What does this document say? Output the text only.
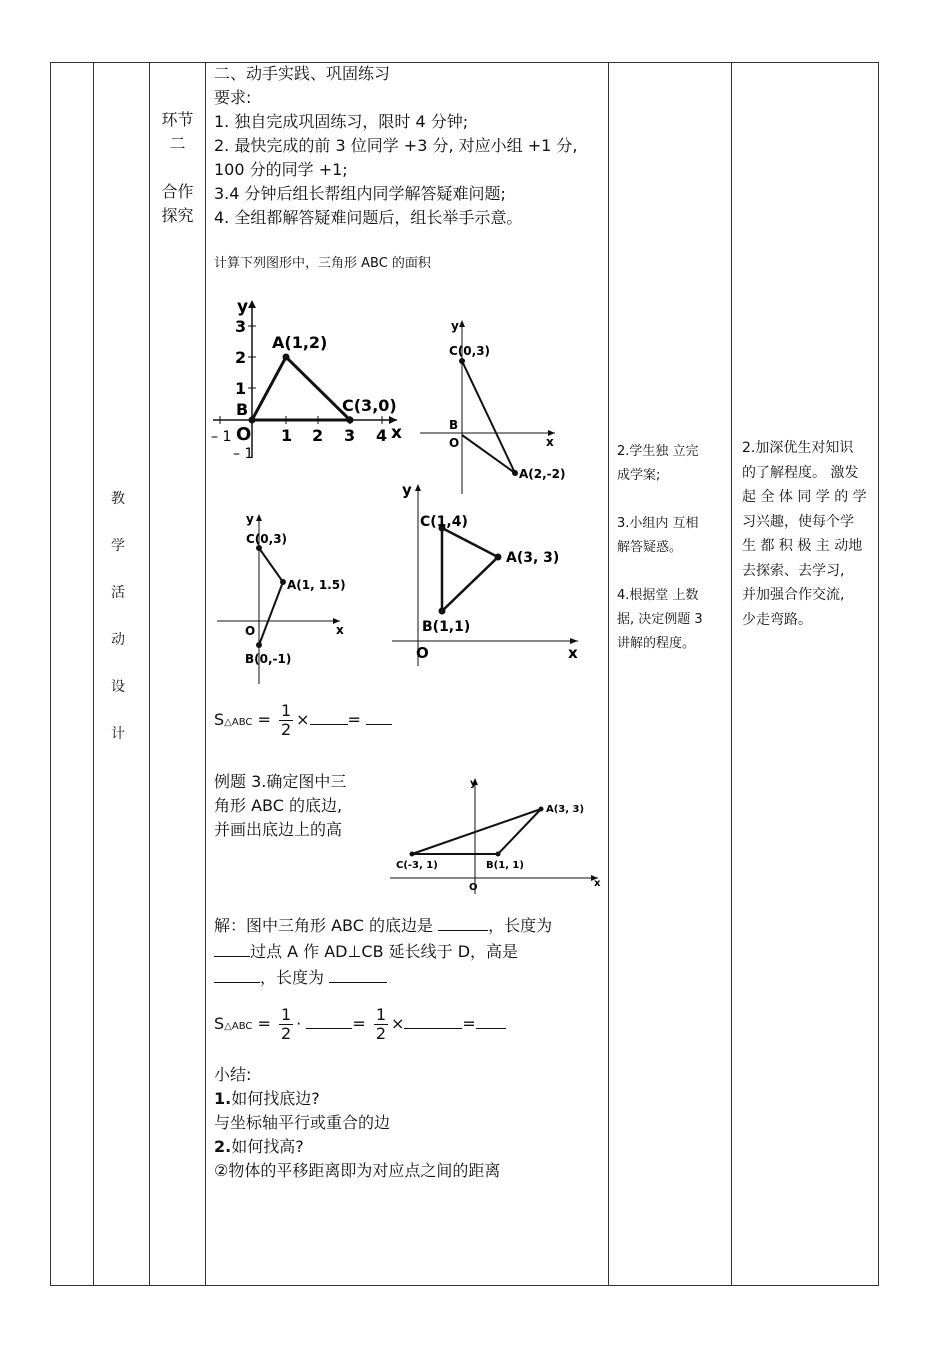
教
学
活
动
设
计
环节
二
合作
探究
二、动手实践、巩固练习
要求:
1. 独自完成巩固练习，限时 4 分钟;
2. 最快完成的前 3 位同学 +3 分, 对应小组 +1 分,
100 分的同学 +1;
3.4 分钟后组长帮组内同学解答疑难问题;
4. 全组都解答疑难问题后，组长举手示意。
计算下列图形中，三角形 ABC 的面积
y
3
2
1
B
O
A(1,2)
C(3,0)
1 2 3 4 x
– 1
– 1
y
C(0,3)
B
O	x
A(2,-2)
y
C(0,3)
A(1, 1.5)
O	x
B(0,-1)
y
C(1,4)
A(3, 3)
B(1,1)
O	x
S△ABC = $\frac{1}{2}$ × =
例题 3.确定图中三
角形 ABC 的底边,
并画出底边上的高
y
A(3, 3)
C(-3, 1)	B(1, 1)
O	x
解：图中三角形 ABC 的底边是	，长度为
过点 A 作 AD⊥CB 延长线于 D，高是
，长度为
S△ABC = $\frac{1}{2}$ ·	= $\frac{1}{2}$ ×	=
小结:
1.如何找底边?
与坐标轴平行或重合的边
2.如何找高?
②物体的平移距离即为对应点之间的距离
2.学生独 立完
成学案;
3.小组内 互相
解答疑惑。
4.根据堂 上数
据, 决定例题 3
讲解的程度。
2.加深优生对知识
的了解程度。 激发
起 全 体 同 学 的 学
习兴趣，使每个学
生 都 积 极 主 动地
去探索、去学习,
并加强合作交流,
少走弯路。
